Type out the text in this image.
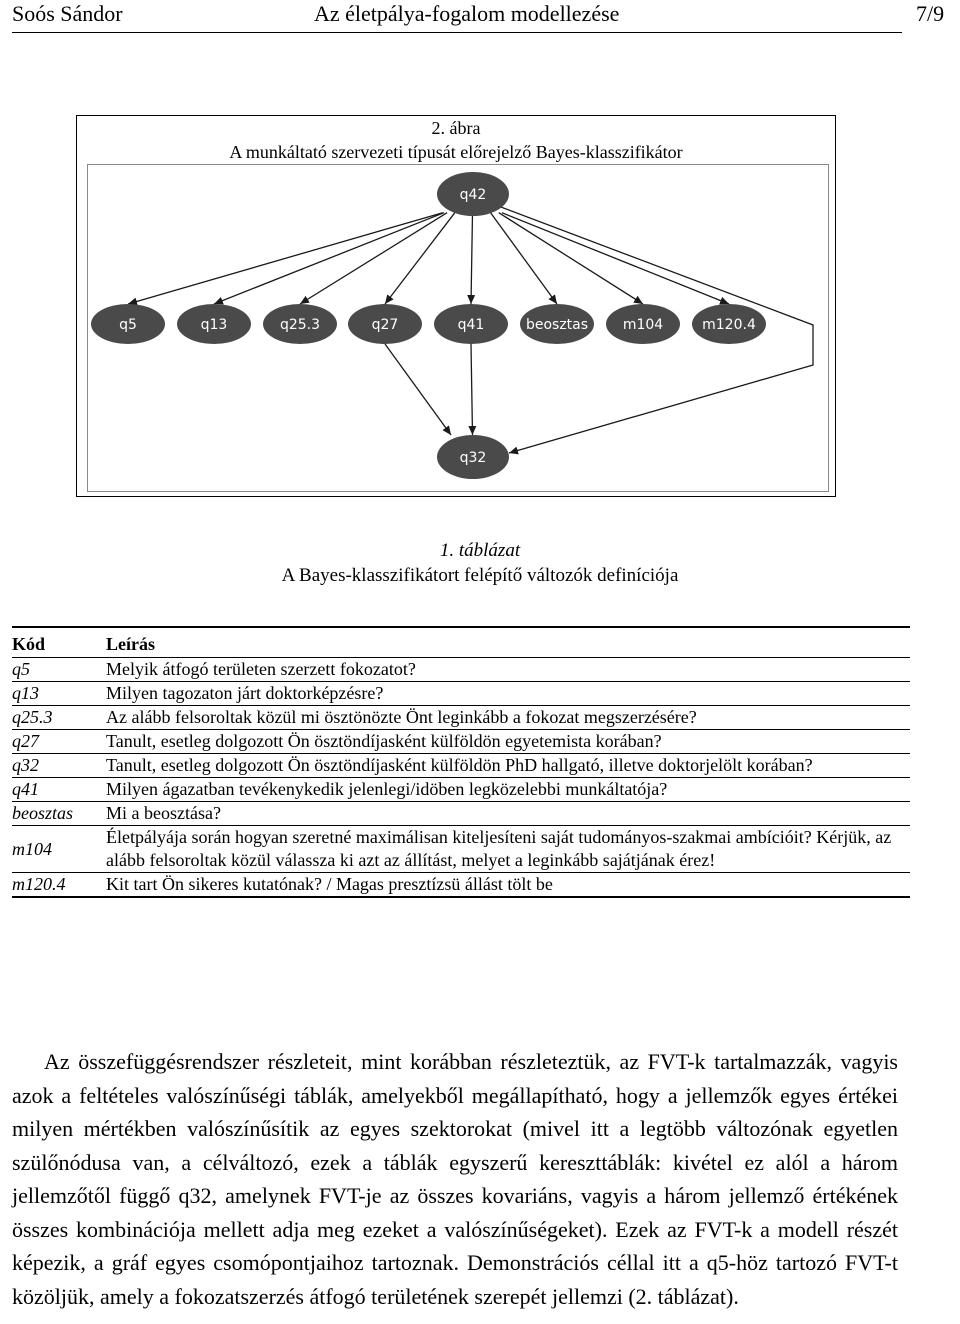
Soós Sándor	Az életpálya-fogalom modellezése	7/9
2. ábra
A munkáltató szervezeti típusát előrejelző Bayes-klasszifikátor
q42
q5	q13	q25.3	q27	q41	beosztas m104	m120.4
q32
1. táblázat
A Bayes-klasszifikátort felépítő változók definíciója
Kód	Leírás
q5	Melyik átfogó területen szerzett fokozatot?
q13	Milyen tagozaton járt doktorképzésre?
q25.3	Az alább felsoroltak közül mi ösztönözte Önt leginkább a fokozat megszerzésére?
q27	Tanult, esetleg dolgozott Ön ösztöndíjasként külföldön egyetemista korában?
q32	Tanult, esetleg dolgozott Ön ösztöndíjasként külföldön PhD hallgató, illetve doktorjelölt korában?
q41	Milyen ágazatban tevékenykedik jelenlegi/idöben legközelebbi munkáltatója?
beosztas	Mi a beosztása?
m104	Életpályája során hogyan szeretné maximálisan kiteljesíteni saját tudományos-szakmai ambícióit? Kérjük, az alább felsoroltak közül válassza ki azt az állítást, melyet a leginkább sajátjának érez!
m120.4	Kit tart Ön sikeres kutatónak? / Magas presztízsü állást tölt be

Az összefüggésrendszer részleteit, mint korábban részleteztük, az FVT-k tartalmazzák, vagyis azok a feltételes valószínűségi táblák, amelyekből megállapítható, hogy a jellemzők egyes értékei milyen mértékben valószínűsítik az egyes szektorokat (mivel itt a legtöbb változónak egyetlen szülőnódusa van, a célváltozó, ezek a táblák egyszerű kereszttáblák: kivétel ez alól a három jellemzőtől függő q32, amelynek FVT-je az összes kovariáns, vagyis a három jellemző értékének összes kombinációja mellett adja meg ezeket a valószínűségeket). Ezek az FVT-k a modell részét képezik, a gráf egyes csomópontjaihoz tartoznak. Demonstrációs céllal itt a q5-höz tartozó FVT-t közöljük, amely a fokozatszerzés átfogó területének szerepét jellemzi (2. táblázat).
